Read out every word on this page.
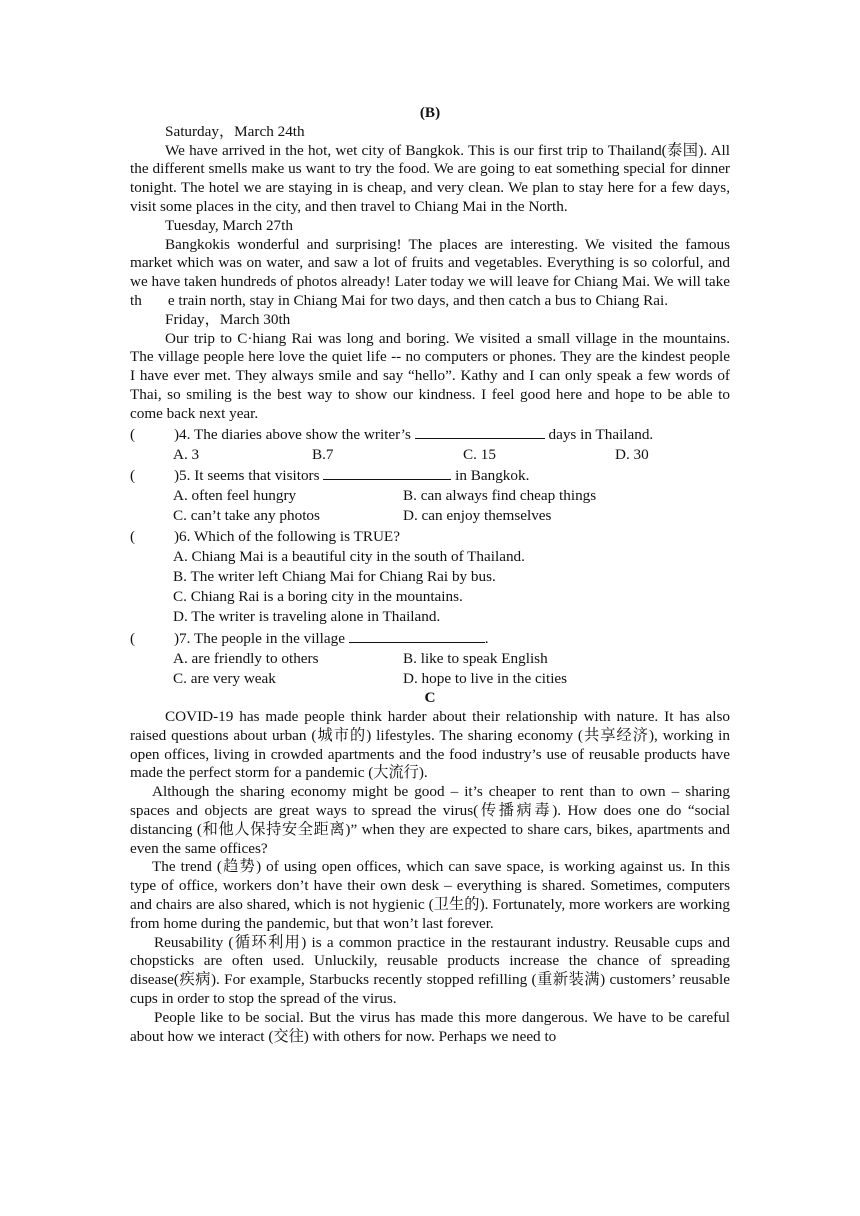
(B)
Saturday，March 24th

We have arrived in the hot, wet city of Bangkok. This is our first trip to Thailand(泰国). All the different smells make us want to try the food. We are going to eat something special for dinner tonight. The hotel we are staying in is cheap, and very clean. We plan to stay here for a few days, visit some places in the city, and then travel to Chiang Mai in the North.

Tuesday, March 27th

Bangkokis wonderful and surprising! The places are interesting. We visited the famous market which was on water, and saw a lot of fruits and vegetables. Everything is so colorful, and we have taken hundreds of photos already! Later today we will leave for Chiang Mai. We will take th e train north, stay in Chiang Mai for two days, and then catch a bus to Chiang Rai.

Friday，March 30th

Our trip to C·hiang Rai was long and boring. We visited a small village in the mountains. The village people here love the quiet life -- no computers or phones. They are the kindest people I have ever met. They always smile and say “hello”. Kathy and I can only speak a few words of Thai, so smiling is the best way to show our kindness. I feel good here and hope to be able to come back next year.

(	)4. The diaries above show the writer’s	days in Thailand.
A. 3	B.7	C. 15	D. 30
(	)5. It seems that visitors	in Bangkok.
A. often feel hungry	B. can always find cheap things
C. can’t take any photos	D. can enjoy themselves
(	)6. Which of the following is TRUE?
A. Chiang Mai is a beautiful city in the south of Thailand.
B. The writer left Chiang Mai for Chiang Rai by bus.
C. Chiang Rai is a boring city in the mountains.
D. The writer is traveling alone in Thailand.
(	)7. The people in the village	.
A. are friendly to others	B. like to speak English
C. are very weak	D. hope to live in the cities
C

COVID-19 has made people think harder about their relationship with nature. It has also raised questions about urban (城市的) lifestyles. The sharing economy (共享经济), working in open offices, living in crowded apartments and the food industry’s use of reusable products have made the perfect storm for a pandemic (大流行).

Although the sharing economy might be good – it’s cheaper to rent than to own – sharing spaces and objects are great ways to spread the virus(传播病毒). How does one do “social distancing (和他人保持安全距离)” when they are expected to share cars, bikes, apartments and even the same offices?

The trend (趋势) of using open offices, which can save space, is working against us. In this type of office, workers don’t have their own desk – everything is shared. Sometimes, computers and chairs are also shared, which is not hygienic (卫生的). Fortunately, more workers are working from home during the pandemic, but that won’t last forever.

Reusability (循环利用) is a common practice in the restaurant industry. Reusable cups and chopsticks are often used. Unluckily, reusable products increase the chance of spreading disease(疾病). For example, Starbucks recently stopped refilling (重新装满) customers’ reusable cups in order to stop the spread of the virus.

People like to be social. But the virus has made this more dangerous. We have to be careful about how we interact (交往) with others for now. Perhaps we need to
